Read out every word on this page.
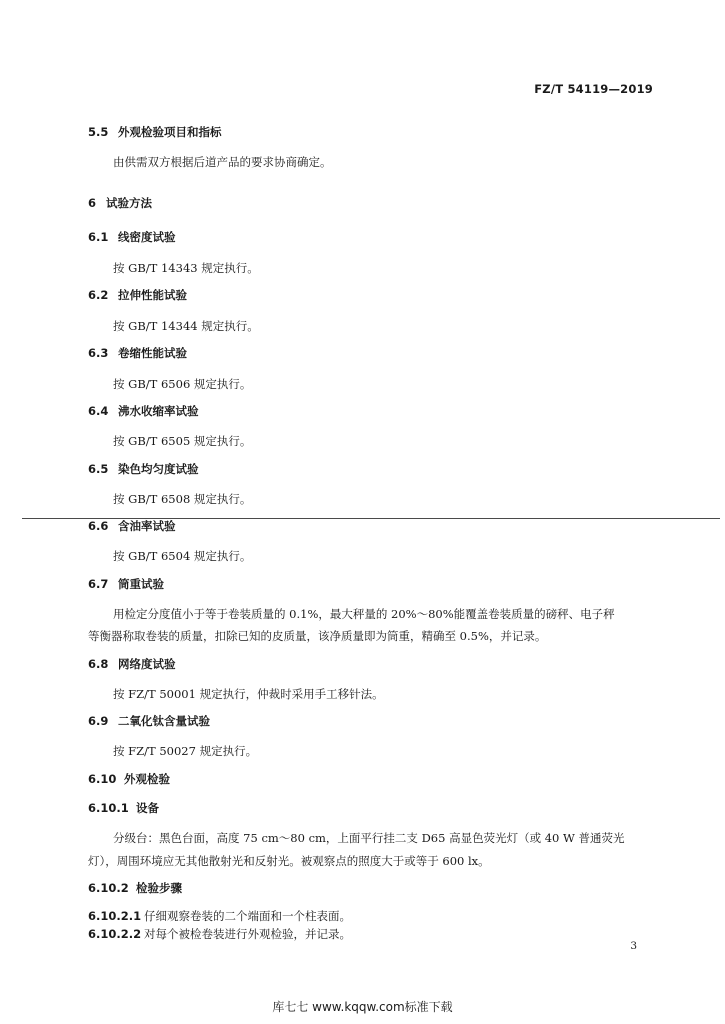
FZ/T 54119—2019
5.5 外观检验项目和指标
由供需双方根据后道产品的要求协商确定。
6 试验方法
6.1 线密度试验
按 GB/T 14343 规定执行。
6.2 拉伸性能试验
按 GB/T 14344 规定执行。
6.3 卷缩性能试验
按 GB/T 6506 规定执行。
6.4 沸水收缩率试验
按 GB/T 6505 规定执行。
6.5 染色均匀度试验
按 GB/T 6508 规定执行。
6.6 含油率试验
按 GB/T 6504 规定执行。
6.7 筒重试验
用检定分度值小于等于卷装质量的 0.1%，最大秤量的 20%～80%能覆盖卷装质量的磅秤、电子秤
等衡器称取卷装的质量，扣除已知的皮质量，该净质量即为筒重，精确至 0.5%，并记录。
6.8 网络度试验
按 FZ/T 50001 规定执行，仲裁时采用手工移针法。
6.9 二氧化钛含量试验
按 FZ/T 50027 规定执行。
6.10 外观检验
6.10.1 设备
分级台：黑色台面，高度 75 cm～80 cm，上面平行挂二支 D65 高显色荧光灯（或 40 W 普通荧光
灯），周围环境应无其他散射光和反射光。被观察点的照度大于或等于 600 lx。
6.10.2 检验步骤
6.10.2.1 仔细观察卷装的二个端面和一个柱表面。
6.10.2.2 对每个被检卷装进行外观检验，并记录。
3
库七七 www.kqqw.com标准下载
